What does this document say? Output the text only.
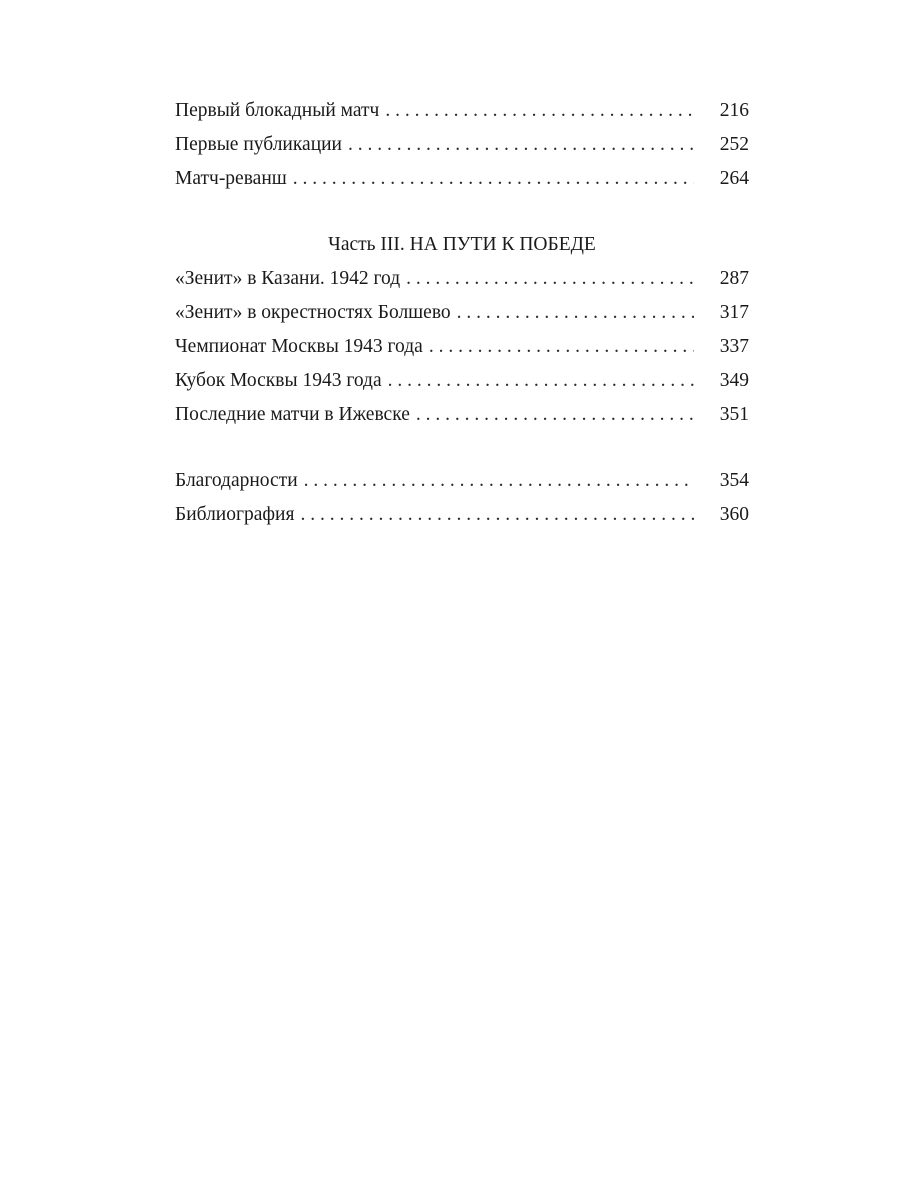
Первый блокадный матч . . .	216
Первые публикации . . .	252
Матч-реванш . . .	264
Часть III. НА ПУТИ К ПОБЕДЕ
«Зенит» в Казани. 1942 год . . .	287
«Зенит» в окрестностях Болшево . . .	317
Чемпионат Москвы 1943 года . . .	337
Кубок Москвы 1943 года . . .	349
Последние матчи в Ижевске . . .	351
Благодарности . . .	354
Библиография . . .	360
